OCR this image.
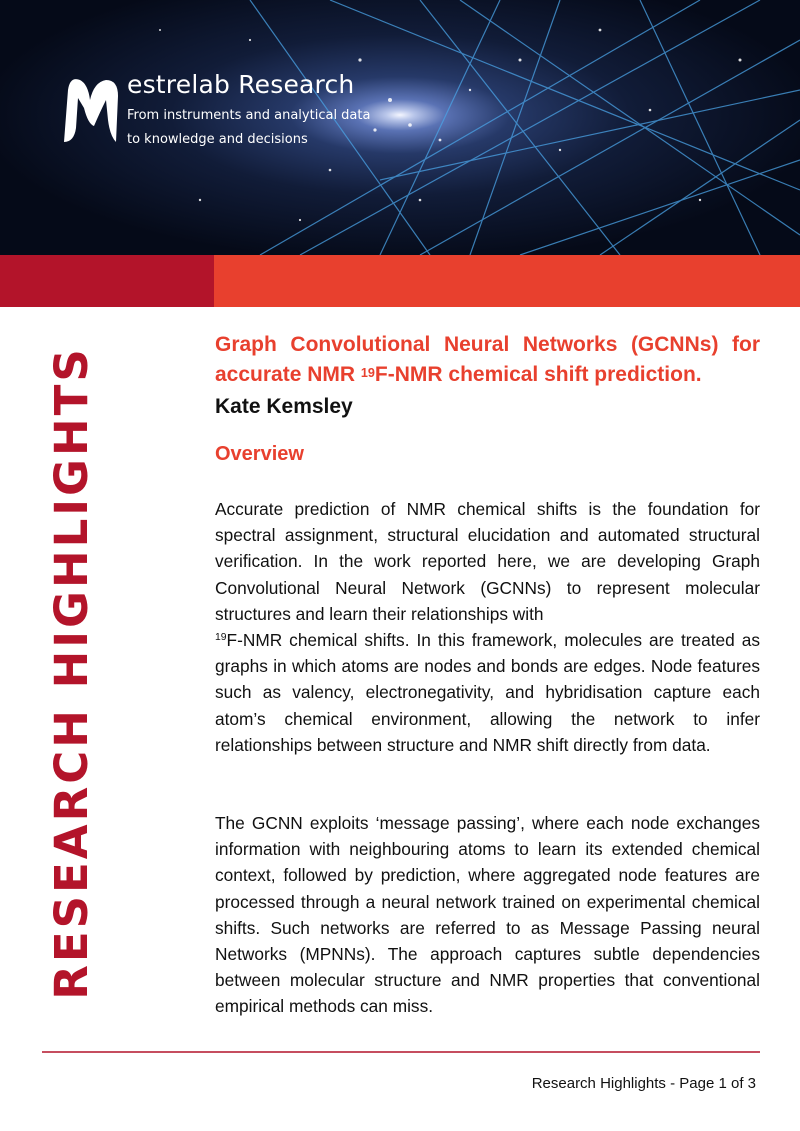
estrelab Research
From instruments and analytical data
to knowledge and decisions
RESEARCH HIGHLIGHTS
Graph Convolutional Neural Networks (GCNNs) for
accurate NMR $^{19}$F-NMR chemical shift prediction.
Kate Kemsley
Overview

Accurate prediction of NMR chemical shifts is the foundation for spectral assignment, structural elucidation and automated structural verification. In the work reported here, we are developing Graph Convolutional Neural Network (GCNNs) to represent molecular structures and learn their relationships with
$^{19}$F-NMR chemical shifts. In this framework, molecules are treated as graphs in which atoms are nodes and bonds are edges. Node features such as valency, electronegativity, and hybridisation capture each atom’s chemical environment, allowing the network to infer relationships between structure and NMR shift directly from data.

The GCNN exploits ‘message passing’, where each node exchanges information with neighbouring atoms to learn its extended chemical context, followed by prediction, where aggregated node features are processed through a neural network trained on experimental chemical shifts. Such networks are referred to as Message Passing neural Networks (MPNNs). The approach captures subtle dependencies between molecular structure and NMR properties that conventional empirical methods can miss.

Research Highlights - Page 1 of 3
